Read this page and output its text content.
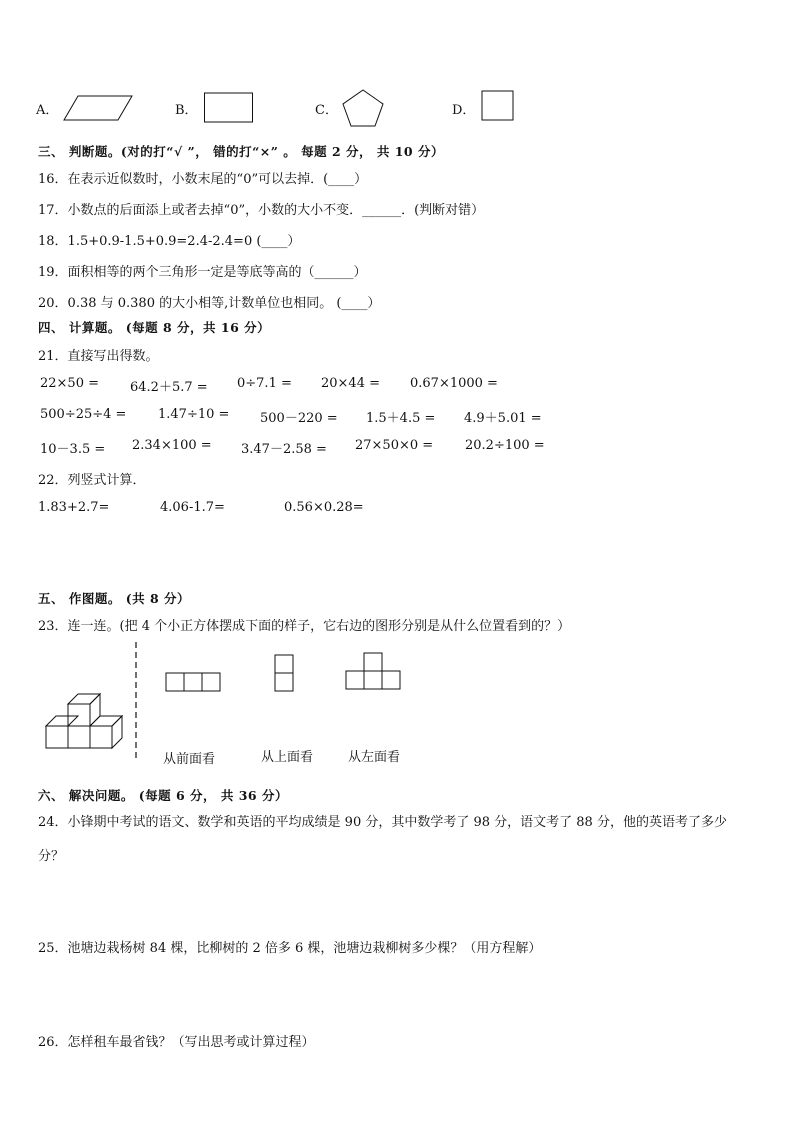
A．	B．	C．	D．
三、 判断题。(对的打“√ ”， 错的打“×” 。 每题 2 分， 共 10 分）
16．在表示近似数时，小数末尾的“0”可以去掉．(____）
17．小数点的后面添上或者去掉“0”，小数的大小不变．______．(判断对错）
18．1.5+0.9-1.5+0.9=2.4-2.4=0 (____）
19．面积相等的两个三角形一定是等底等高的（______）
20．0.38 与 0.380 的大小相等,计数单位也相同。 (____）
四、 计算题。 (每题 8 分，共 16 分）
21．直接写出得数。
22×50 = 64.2＋5.7 = 0÷7.1 = 20×44 = 0.67×1000 =
500÷25÷4 = 1.47÷10 = 500－220 = 1.5＋4.5 = 4.9＋5.01 =
10－3.5 = 2.34×100 = 3.47－2.58 = 27×50×0 = 20.2÷100 =
22．列竖式计算．
1.83+2.7=	4.06-1.7=	0.56×0.28=
五、 作图题。 (共 8 分）
23．连一连。(把 4 个小正方体摆成下面的样子，它右边的图形分别是从什么位置看到的？）
从前面看	从上面看	从左面看
六、 解决问题。 (每题 6 分， 共 36 分）
24．小锋期中考试的语文、数学和英语的平均成绩是 90 分，其中数学考了 98 分，语文考了 88 分，他的英语考了多少
分？
25．池塘边栽杨树 84 棵，比柳树的 2 倍多 6 棵，池塘边栽柳树多少棵？（用方程解）
26．怎样租车最省钱？（写出思考或计算过程）
